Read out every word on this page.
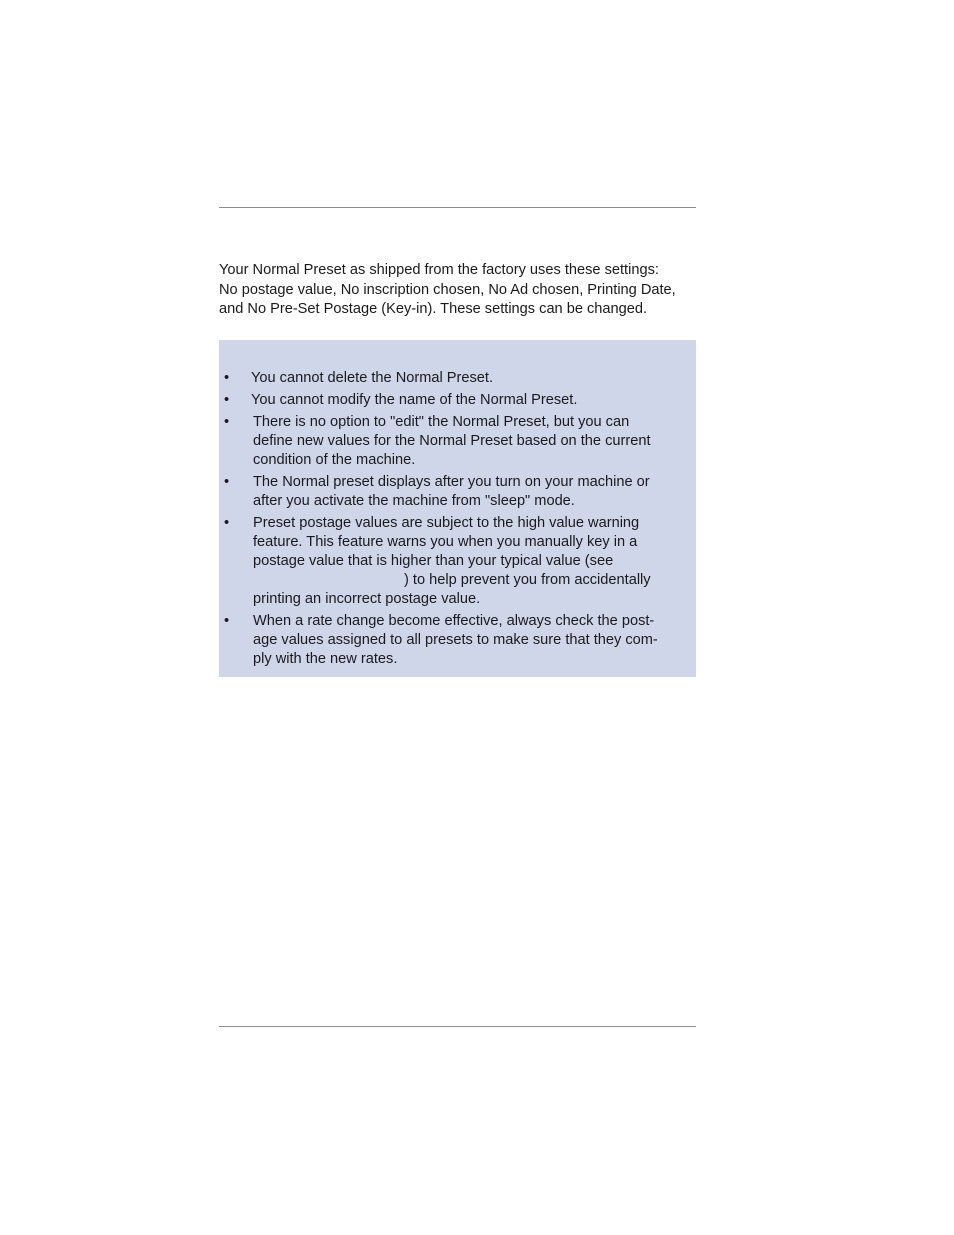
Your Normal Preset as shipped from the factory uses these settings:
No postage value, No inscription chosen, No Ad chosen, Printing Date,
and No Pre-Set Postage (Key-in). These settings can be changed.

•	You cannot delete the Normal Preset.
•	You cannot modify the name of the Normal Preset.
•	There is no option to "edit" the Normal Preset, but you can
define new values for the Normal Preset based on the current
condition of the machine.
•	The Normal preset displays after you turn on your machine or
after you activate the machine from "sleep" mode.
•	Preset postage values are subject to the high value warning
feature. This feature warns you when you manually key in a
postage value that is higher than your typical value (see
) to help prevent you from accidentally
printing an incorrect postage value.
•	When a rate change become effective, always check the post-
age values assigned to all presets to make sure that they com-
ply with the new rates.
